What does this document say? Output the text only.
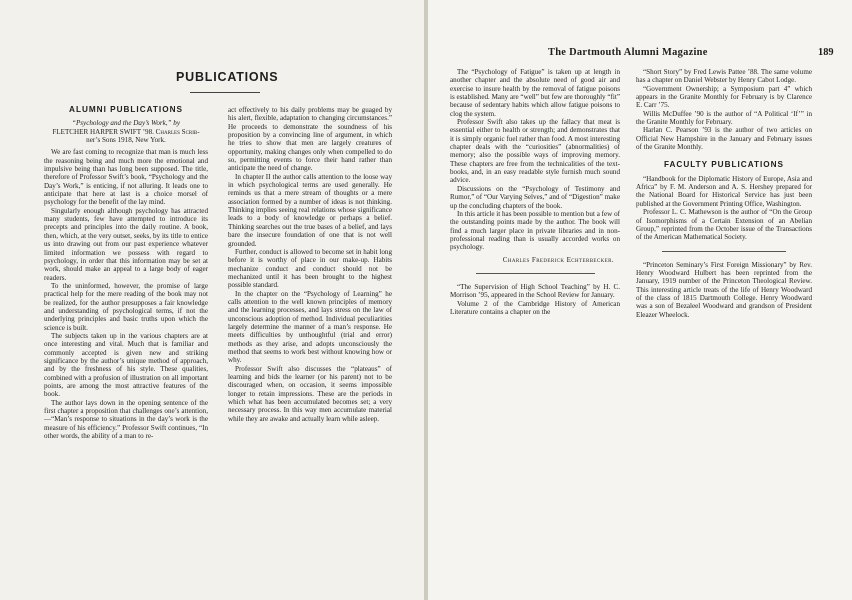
PUBLICATIONS
ALUMNI PUBLICATIONS

“Psychology and the Day’s Work,” by

FLETCHER HARPER SWIFT ’98. Charles Scrib-

ner’s Sons 1918, New York.

We are fast coming to recognize that man is much less the reasoning being and much more the emotional and impulsive being than has long been supposed. The title, therefore of Professor Swift’s book, “Psychology and the Day’s Work,” is enticing, if not alluring. It leads one to anticipate that here at last is a choice morsel of psychology for the benefit of the lay mind.

Singularly enough although psychology has attracted many students, few have attempted to introduce its precepts and principles into the daily routine. A book, then, which, at the very outset, seeks, by its title to entice us into drawing out from our past experience whatever limited information we possess with regard to psychology, in order that this information may be set at work, should make an appeal to a large body of eager readers.

To the uninformed, however, the promise of large practical help for the mere reading of the book may not be realized, for the author presupposes a fair knowledge and understanding of psychological terms, if not the underlying principles and basic truths upon which the science is built.

The subjects taken up in the various chapters are at once interesting and vital. Much that is familiar and commonly accepted is given new and striking significance by the author’s unique method of approach, and by the freshness of his style. These qualities, combined with a profusion of illustration on all important points, are among the most attractive features of the book.

The author lays down in the opening sentence of the first chapter a proposition that challenges one’s attention,—“Man’s response to situations in the day’s work is the measure of his efficiency.” Professor Swift continues, “In other words, the ability of a man to re-

act effectively to his daily problems may be guaged by his alert, flexible, adaptation to changing circumstances.” He proceeds to demonstrate the soundness of his proposition by a convincing line of argument, in which he tries to show that men are largely creatures of opportunity, making changes only when compelled to do so, permitting events to force their hand rather than anticipate the need of change.

In chapter II the author calls attention to the loose way in which psychological terms are used generally. He reminds us that a mere stream of thoughts or a mere association formed by a number of ideas is not thinking. Thinking implies seeing real relations whose significance leads to a body of knowledge or perhaps a belief. Thinking searches out the true bases of a belief, and lays bare the insecure foundation of one that is not well grounded.

Further, conduct is allowed to become set in habit long before it is worthy of place in our make-up. Habits mechanize conduct and conduct should not be mechanized until it has been brought to the highest possible standard.

In the chapter on the “Psychology of Learning” he calls attention to the well known principles of memory and the learning processes, and lays stress on the law of unconscious adoption of method. Individual peculiarities largely determine the manner of a man’s response. He meets difficulties by unthoughtful (trial and error) methods as they arise, and adopts unconsciously the method that seems to work best without knowing how or why.

Professor Swift also discusses the “plateaus” of learning and bids the learner (or his parent) not to be discouraged when, on occasion, it seems impossible longer to retain impressions. These are the periods in which what has been accumulated becomes set; a very necessary process. In this way men accumulate material while they are awake and actually learn while asleep.

The Dartmouth Alumni Magazine	189

The “Psychology of Fatigue” is taken up at length in another chapter and the absolute need of good air and exercise to insure health by the removal of fatigue poisons is established. Many are “well” but few are thoroughly “fit” because of sedentary habits which allow fatigue poisons to clog the system.

Professor Swift also takes up the fallacy that meat is essential either to health or strength; and demonstrates that it is simply organic fuel rather than food. A most interesting chapter deals with the “curiosities” (abnormalities) of memory; also the possible ways of improving memory. These chapters are free from the technicalities of the text-books, and, in an easy readable style furnish much sound advice.

Discussions on the “Psychology of Testimony and Rumor,” of “Our Varying Selves,” and of “Digestion” make up the concluding chapters of the book.

In this article it has been possible to mention but a few of the outstanding points made by the author. The book will find a much larger place in private libraries and in non-professional reading than is usually accorded works on psychology.

Charles Frederick Echterbecker.

“The Supervision of High School Teaching” by H. C. Morrison ’95, appeared in the School Review for January.

Volume 2 of the Cambridge History of American Literature contains a chapter on the

“Short Story” by Fred Lewis Pattee ’88. The same volume has a chapter on Daniel Webster by Henry Cabot Lodge.

“Government Ownership; a Symposium part 4” which appears in the Granite Monthly for February is by Clarence E. Carr ’75.

Willis McDuffee ’90 is the author of “A Political ‘If’” in the Granite Monthly for February.

Harlan C. Pearson ’93 is the author of two articles on Official New Hampshire in the January and February issues of the Granite Monthly.

FACULTY PUBLICATIONS

“Handbook for the Diplomatic History of Europe, Asia and Africa” by F. M. Anderson and A. S. Hershey prepared for the National Board for Historical Service has just been published at the Government Printing Office, Washington.

Professor L. C. Mathewson is the author of “On the Group of Isomorphisms of a Certain Extension of an Abelian Group,” reprinted from the October issue of the Transactions of the American Mathematical Society.

“Princeton Seminary’s First Foreign Missionary” by Rev. Henry Woodward Hulbert has been reprinted from the January, 1919 number of the Princeton Theological Review. This interesting article treats of the life of Henry Woodward of the class of 1815 Dartmouth College. Henry Woodward was a son of Bezaleel Woodward and grandson of President Eleazer Wheelock.
